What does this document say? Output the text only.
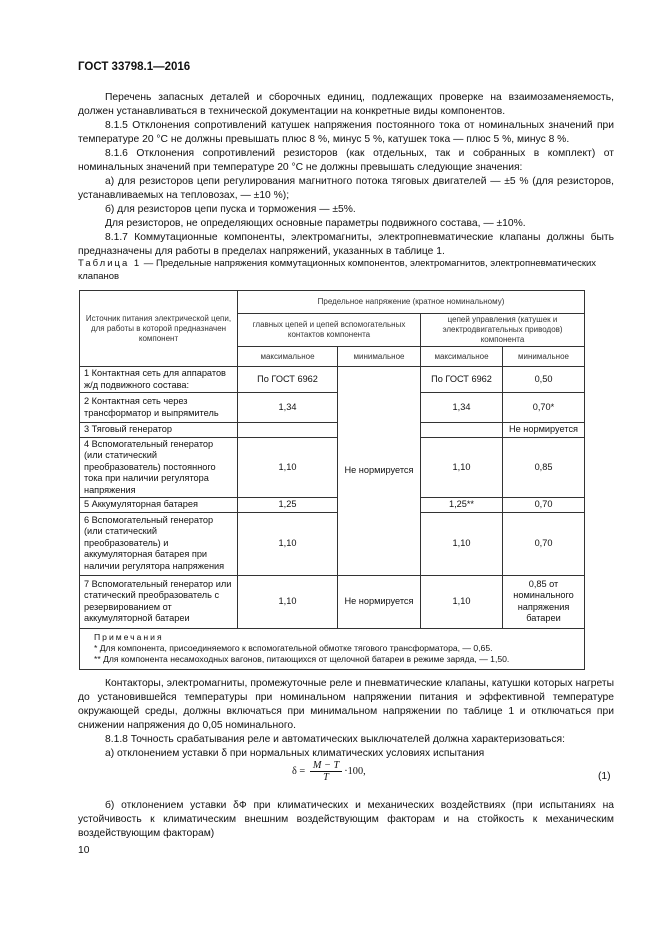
ГОСТ 33798.1—2016

Перечень запасных деталей и сборочных единиц, подлежащих проверке на взаимозаменяемость, должен устанавливаться в технической документации на конкретные виды компонентов.

8.1.5 Отклонения сопротивлений катушек напряжения постоянного тока от номинальных значений при температуре 20 °С не должны превышать плюс 8 %, минус 5 %, катушек тока — плюс 5 %, минус 8 %.

8.1.6 Отклонения сопротивлений резисторов (как отдельных, так и собранных в комплект) от номинальных значений при температуре 20 °С не должны превышать следующие значения:

а) для резисторов цепи регулирования магнитного потока тяговых двигателей — ±5 % (для резисторов, устанавливаемых на тепловозах, — ±10 %);

б) для резисторов цепи пуска и торможения — ±5%.

Для резисторов, не определяющих основные параметры подвижного состава, — ±10%.

8.1.7 Коммутационные компоненты, электромагниты, электропневматические клапаны должны быть предназначены для работы в пределах напряжений, указанных в таблице 1.

Таблица 1 — Предельные напряжения коммутационных компонентов, электромагнитов, электропневматических клапанов
Источник питания электрической цепи, для работы в которой предназначен компонент	Предельное напряжение (кратное номинальному)			
	главных цепей и цепей вспомогательных контактов компонента		цепей управления (катушек и электродвигательных приводов) компонента	
	максимальное	минимальное	максимальное	минимальное
1 Контактная сеть для аппаратов ж/д подвижного состава:	По ГОСТ 6962	Не нормируется	По ГОСТ 6962	0,50
2 Контактная сеть через трансформатор и выпрямитель	1,34		1,34	0,70*
3 Тяговый генератор				Не нормируется
4 Вспомогательный генератор (или статический преобразователь) постоянного тока при наличии регулятора напряжения	1,10		1,10	0,85
5 Аккумуляторная батарея	1,25		1,25**	0,70
6 Вспомогательный генератор (или статический преобразователь) и аккумуляторная батарея при наличии регулятора напряжения	1,10		1,10	0,70
7 Вспомогательный генератор или статический преобразователь с резервированием от аккумуляторной батареи	1,10	Не нормируется	1,10	0,85 от номинального напряжения батареи

Примечания
* Для компонента, присоединяемого к вспомогательной обмотке тягового трансформатора, — 0,65.
** Для компонента несамоходных вагонов, питающихся от щелочной батареи в режиме заряда, — 1,50.				

Контакторы, электромагниты, промежуточные реле и пневматические клапаны, катушки которых нагреты до установившейся температуры при номинальном напряжении питания и эффективной температуре окружающей среды, должны включаться при минимальном напряжении по таблице 1 и отключаться при снижении напряжения до 0,05 номинального.

8.1.8 Точность срабатывания реле и автоматических выключателей должна характеризоваться:

а) отклонением уставки δ при нормальных климатических условиях испытания

$\delta = \frac{M - T}{T} \cdot 100$,	(1)

б) отклонением уставки δФ при климатических и механических воздействиях (при испытаниях на устойчивость к климатическим внешним воздействующим факторам и на стойкость к механическим воздействующим факторам)

10
